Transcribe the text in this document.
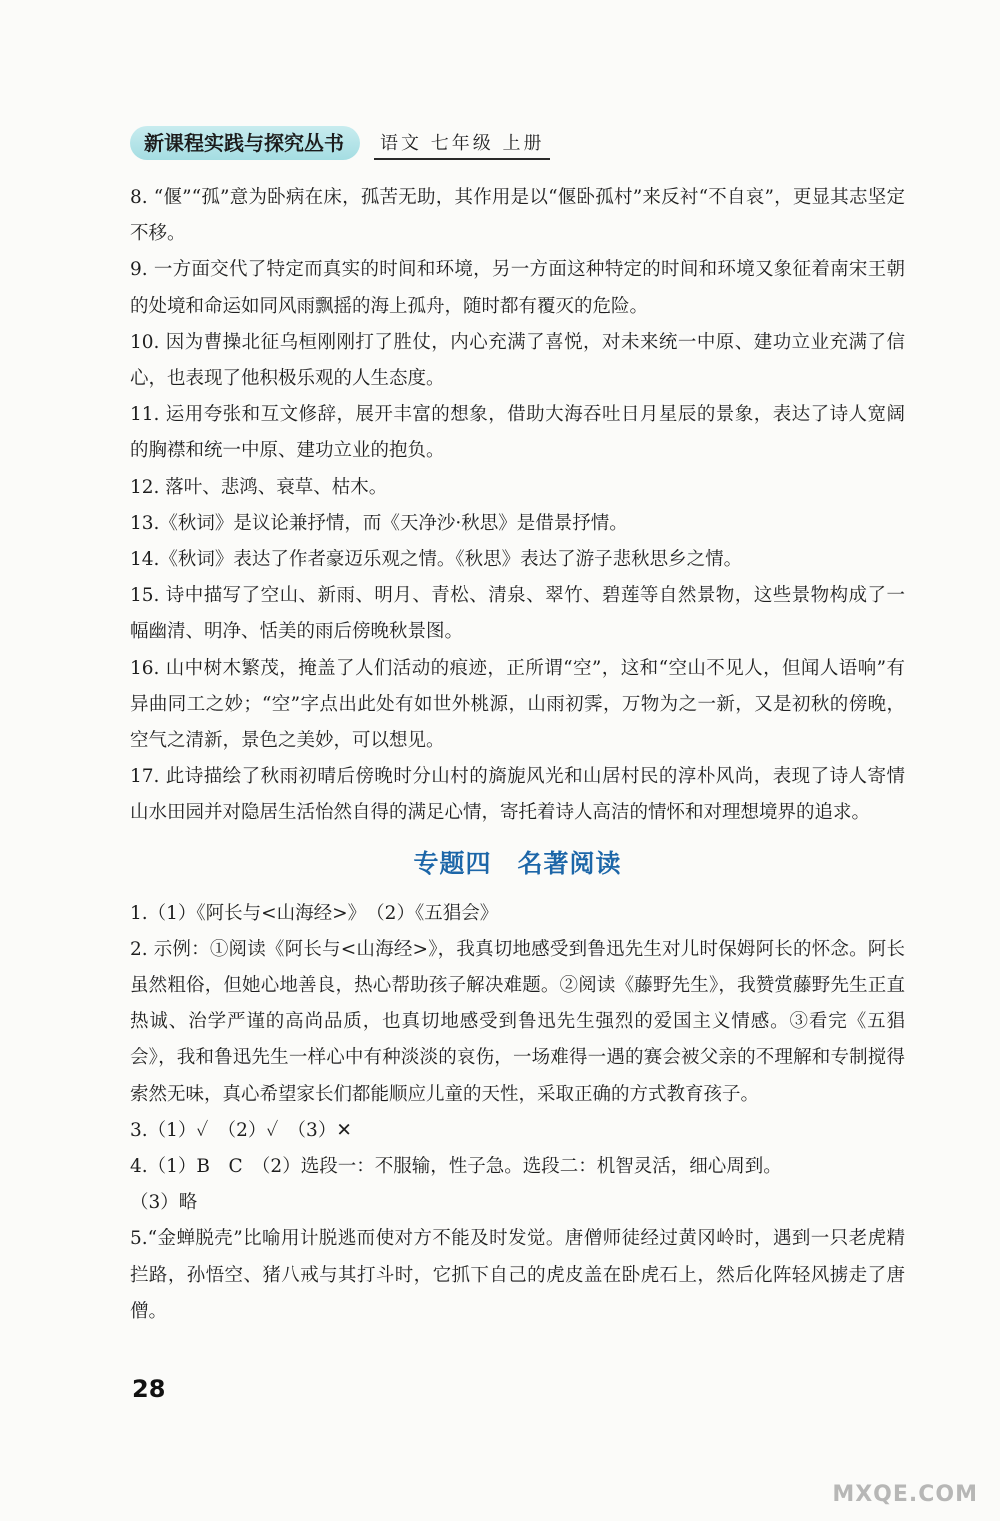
新课程实践与探究丛书	语文 七年级 上册
8. “偃”“孤”意为卧病在床，孤苦无助，其作用是以“偃卧孤村”来反衬“不自哀”，更显其志坚定不移。
9. 一方面交代了特定而真实的时间和环境，另一方面这种特定的时间和环境又象征着南宋王朝的处境和命运如同风雨飘摇的海上孤舟，随时都有覆灭的危险。
10. 因为曹操北征乌桓刚刚打了胜仗，内心充满了喜悦，对未来统一中原、建功立业充满了信心，也表现了他积极乐观的人生态度。
11. 运用夸张和互文修辞，展开丰富的想象，借助大海吞吐日月星辰的景象，表达了诗人宽阔的胸襟和统一中原、建功立业的抱负。
12. 落叶、悲鸿、衰草、枯木。
13.《秋词》是议论兼抒情，而《天净沙·秋思》是借景抒情。
14.《秋词》表达了作者豪迈乐观之情。《秋思》表达了游子悲秋思乡之情。
15. 诗中描写了空山、新雨、明月、青松、清泉、翠竹、碧莲等自然景物，这些景物构成了一幅幽清、明净、恬美的雨后傍晚秋景图。
16. 山中树木繁茂，掩盖了人们活动的痕迹，正所谓“空”，这和“空山不见人，但闻人语响”有异曲同工之妙；“空”字点出此处有如世外桃源，山雨初霁，万物为之一新，又是初秋的傍晚，空气之清新，景色之美妙，可以想见。
17. 此诗描绘了秋雨初晴后傍晚时分山村的旖旎风光和山居村民的淳朴风尚，表现了诗人寄情山水田园并对隐居生活怡然自得的满足心情，寄托着诗人高洁的情怀和对理想境界的追求。
专题四　名著阅读
1.（1）《阿长与<山海经>》　（2）《五猖会》
2. 示例：①阅读《阿长与<山海经>》，我真切地感受到鲁迅先生对儿时保姆阿长的怀念。阿长虽然粗俗，但她心地善良，热心帮助孩子解决难题。②阅读《藤野先生》，我赞赏藤野先生正直热诚、治学严谨的高尚品质，也真切地感受到鲁迅先生强烈的爱国主义情感。③看完《五猖会》，我和鲁迅先生一样心中有种淡淡的哀伤，一场难得一遇的赛会被父亲的不理解和专制搅得索然无味，真心希望家长们都能顺应儿童的天性，采取正确的方式教育孩子。
3.（1）✓　（2）✓　（3）✕
4.（1）B　C　（2）选段一：不服输，性子急。选段二：机智灵活，细心周到。
（3）略
5.“金蝉脱壳”比喻用计脱逃而使对方不能及时发觉。唐僧师徒经过黄冈岭时，遇到一只老虎精拦路，孙悟空、猪八戒与其打斗时，它抓下自己的虎皮盖在卧虎石上，然后化阵轻风掳走了唐僧。
28
MXQE.COM
